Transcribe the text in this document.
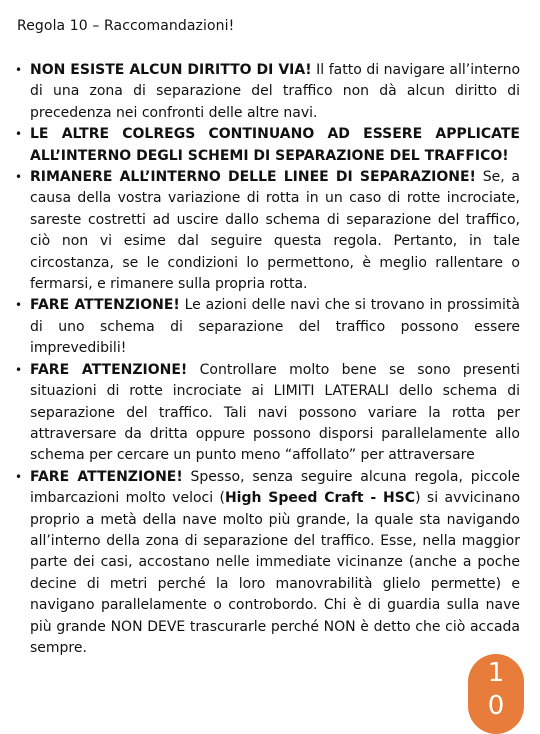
Regola 10 – Raccomandazioni!
• NON ESISTE ALCUN DIRITTO DI VIA! Il fatto di navigare all’interno di una zona di separazione del traffico non dà alcun diritto di precedenza nei confronti delle altre navi.
• LE ALTRE COLREGS CONTINUANO AD ESSERE APPLICATE ALL’INTERNO DEGLI SCHEMI DI SEPARAZIONE DEL TRAFFICO!
• RIMANERE ALL’INTERNO DELLE LINEE DI SEPARAZIONE! Se, a causa della vostra variazione di rotta in un caso di rotte incrociate, sareste costretti ad uscire dallo schema di separazione del traffico, ciò non vi esime dal seguire questa regola. Pertanto, in tale circostanza, se le condizioni lo permettono, è meglio rallentare o fermarsi, e rimanere sulla propria rotta.
• FARE ATTENZIONE! Le azioni delle navi che si trovano in prossimità di uno schema di separazione del traffico possono essere imprevedibili!
• FARE ATTENZIONE! Controllare molto bene se sono presenti situazioni di rotte incrociate ai LIMITI LATERALI dello schema di separazione del traffico. Tali navi possono variare la rotta per attraversare da dritta oppure possono disporsi parallelamente allo schema per cercare un punto meno “affollato” per attraversare
• FARE ATTENZIONE! Spesso, senza seguire alcuna regola, piccole imbarcazioni molto veloci (High Speed Craft - HSC) si avvicinano proprio a metà della nave molto più grande, la quale sta navigando all’interno della zona di separazione del traffico. Esse, nella maggior parte dei casi, accostano nelle immediate vicinanze (anche a poche decine di metri perché la loro manovrabilità glielo permette) e navigano parallelamente o controbordo. Chi è di guardia sulla nave più grande NON DEVE trascurarle perché NON è detto che ciò accada sempre.
1
0
